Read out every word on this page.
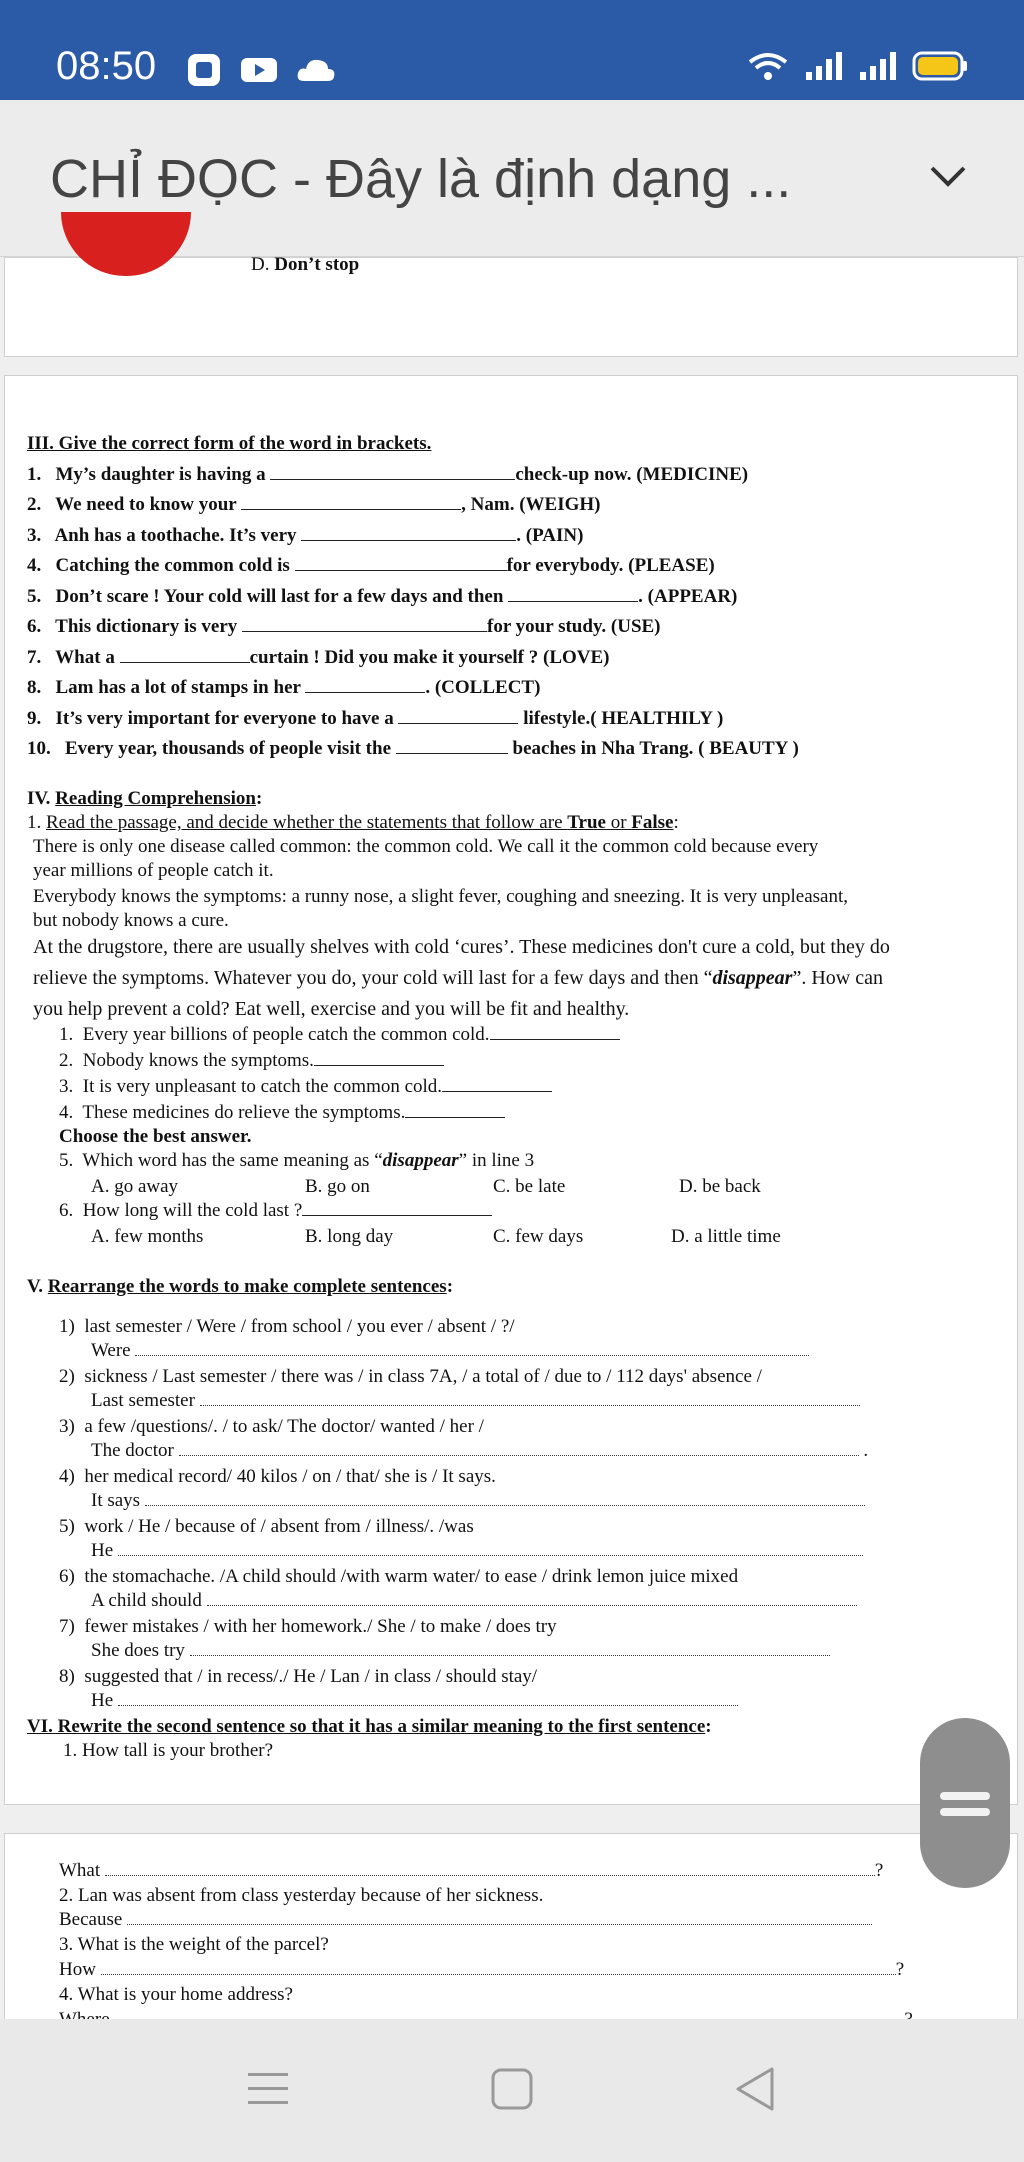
08:50
CHỈ ĐỌC - Đây là định dạng ...
D. Don’t stop
III. Give the correct form of the word in brackets.
1. My’s daughter is having a	check-up now. (MEDICINE)
2. We need to know your	, Nam. (WEIGH)
3. Anh has a toothache. It’s very	. (PAIN)
4. Catching the common cold is	for everybody. (PLEASE)
5. Don’t scare ! Your cold will last for a few days and then	. (APPEAR)
6. This dictionary is very	for your study. (USE)
7. What a	curtain ! Did you make it yourself ? (LOVE)
8. Lam has a lot of stamps in her	. (COLLECT)
9. It’s very important for everyone to have a	lifestyle.( HEALTHILY )
10. Every year, thousands of people visit the	beaches in Nha Trang. ( BEAUTY )
IV. Reading Comprehension:
1. Read the passage, and decide whether the statements that follow are True or False:
There is only one disease called common: the common cold. We call it the common cold because every
year millions of people catch it.
Everybody knows the symptoms: a runny nose, a slight fever, coughing and sneezing. It is very unpleasant,
but nobody knows a cure.
At the drugstore, there are usually shelves with cold ‘cures’. These medicines don't cure a cold, but they do
relieve the symptoms. Whatever you do, your cold will last for a few days and then “disappear”. How can
you help prevent a cold? Eat well, exercise and you will be fit and healthy.
1. Every year billions of people catch the common cold.
2. Nobody knows the symptoms.
3. It is very unpleasant to catch the common cold.
4. These medicines do relieve the symptoms.
Choose the best answer.
5. Which word has the same meaning as “disappear” in line 3
A. go away	B. go on	C. be late	D. be back
6. How long will the cold last ?
A. few months	B. long day	C. few days	D. a little time
V. Rearrange the words to make complete sentences:
1) last semester / Were / from school / you ever / absent / ?/
Were
2) sickness / Last semester / there was / in class 7A, / a total of / due to / 112 days' absence /
Last semester
3) a few /questions/. / to ask/ The doctor/ wanted / her /
The doctor	.
4) her medical record/ 40 kilos / on / that/ she is / It says.
It says
5) work / He / because of / absent from / illness/. /was
He
6) the stomachache. /A child should /with warm water/ to ease / drink lemon juice mixed
A child should
7) fewer mistakes / with her homework./ She / to make / does try
She does try
8) suggested that / in recess/./ He / Lan / in class / should stay/
He
VI. Rewrite the second sentence so that it has a similar meaning to the first sentence:
1. How tall is your brother?
What	?
2. Lan was absent from class yesterday because of her sickness.
Because
3. What is the weight of the parcel?
How	?
4. What is your home address?
